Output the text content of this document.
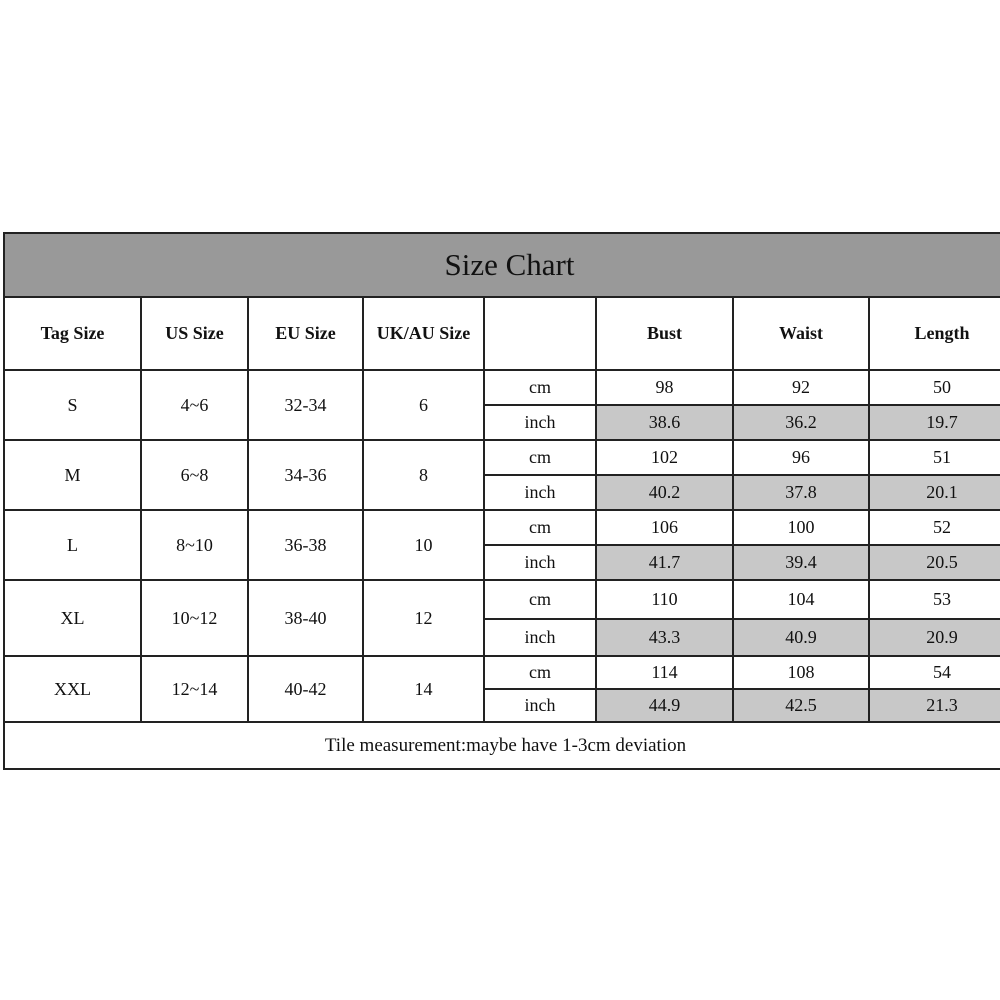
Size Chart							
Tag Size	US Size	EU Size	UK/AU Size		Bust	Waist	Length
S	4~6	32-34	6	cm	98	92	50
				inch	38.6	36.2	19.7
M	6~8	34-36	8	cm	102	96	51
				inch	40.2	37.8	20.1
L	8~10	36-38	10	cm	106	100	52
				inch	41.7	39.4	20.5
XL	10~12	38-40	12	cm	110	104	53
				inch	43.3	40.9	20.9
XXL	12~14	40-42	14	cm	114	108	54
				inch	44.9	42.5	21.3
Tile measurement:maybe have 1-3cm deviation							
